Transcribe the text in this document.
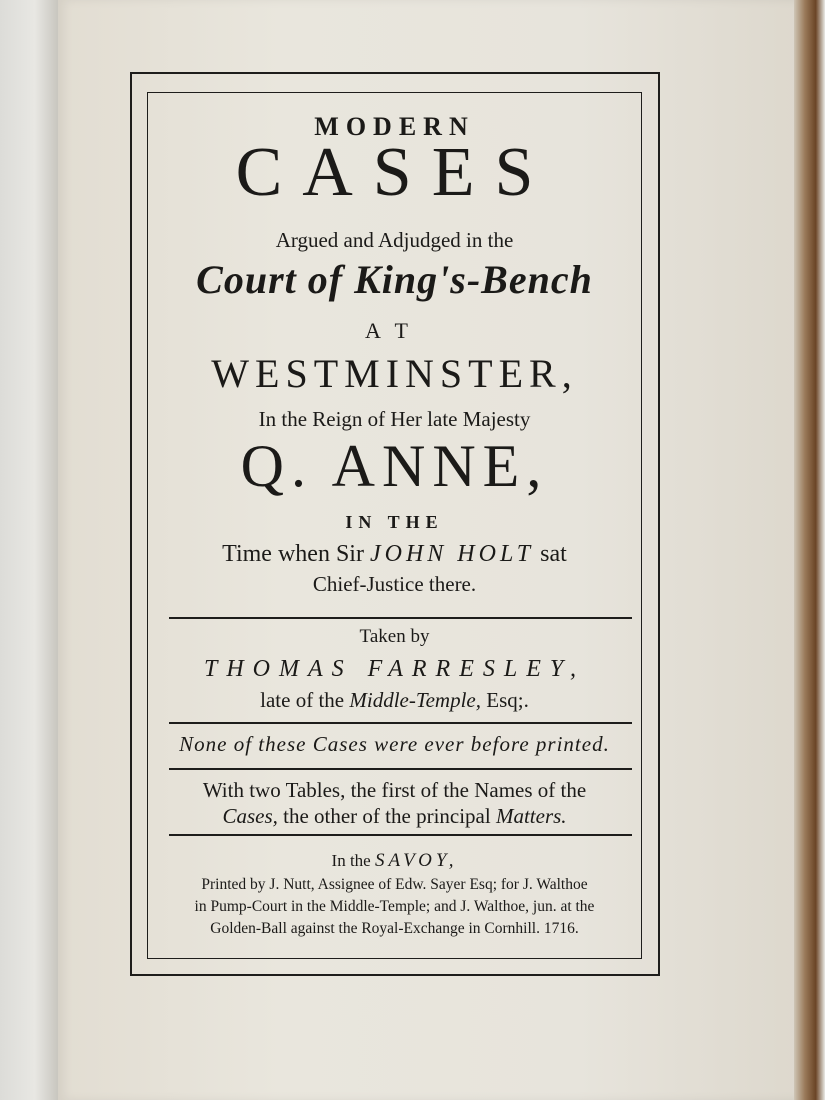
MODERN
CASES
Argued and Adjudged in the
Court of King's-Bench
AT
WESTMINSTER,
In the Reign of Her late Majesty
Q. ANNE,
IN THE
Time when Sir JOHN HOLT sat
Chief-Justice there.
Taken by
THOMAS FARRESLEY,
late of the Middle-Temple, Esq;.
None of these Cases were ever before printed.
With two Tables, the first of the Names of the
Cases, the other of the principal Matters.
In the SAVOY,
Printed by J. Nutt, Assignee of Edw. Sayer Esq; for J. Walthoe
in Pump-Court in the Middle-Temple; and J. Walthoe, jun. at the
Golden-Ball against the Royal-Exchange in Cornhill. 1716.
